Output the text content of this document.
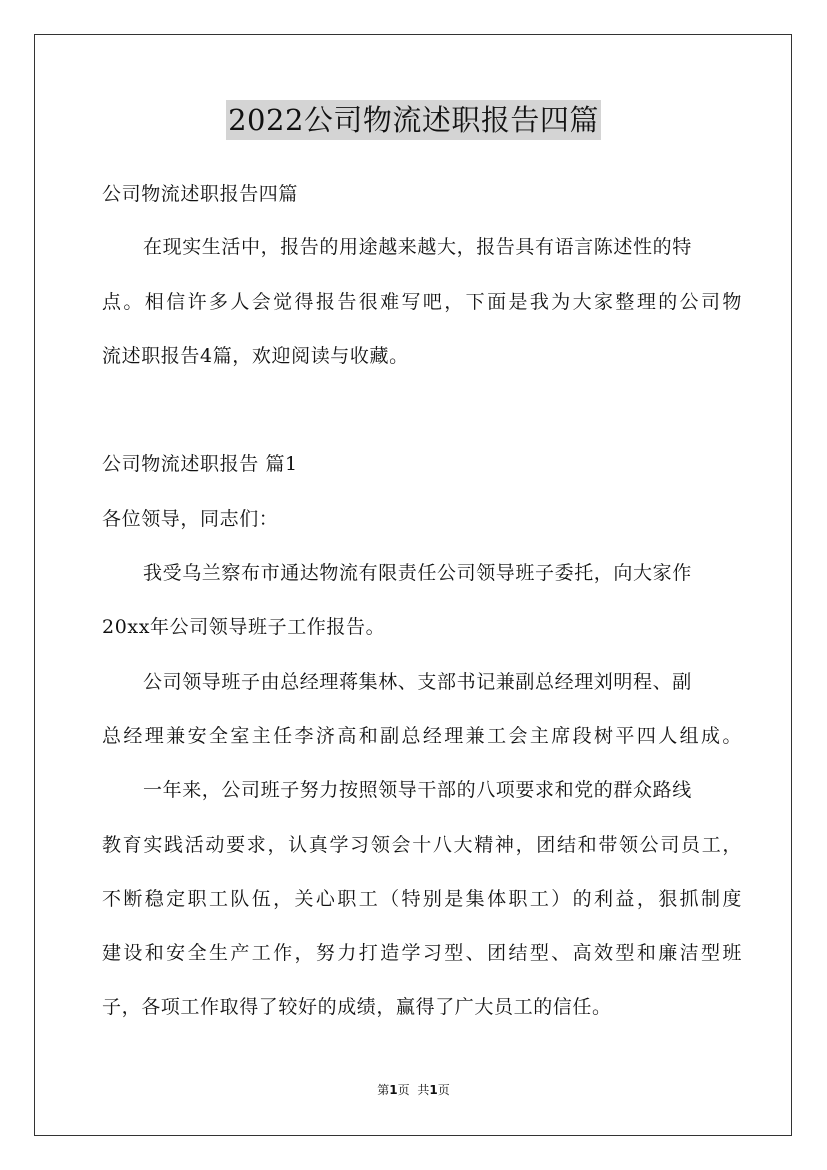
2022公司物流述职报告四篇
公司物流述职报告四篇
在现实生活中，报告的用途越来越大，报告具有语言陈述性的特
点。相信许多人会觉得报告很难写吧，下面是我为大家整理的公司物
流述职报告4篇，欢迎阅读与收藏。
公司物流述职报告 篇1
各位领导，同志们：
我受乌兰察布市通达物流有限责任公司领导班子委托，向大家作
20xx年公司领导班子工作报告。
公司领导班子由总经理蒋集林、支部书记兼副总经理刘明程、副
总经理兼安全室主任李济高和副总经理兼工会主席段树平四人组成。
一年来，公司班子努力按照领导干部的八项要求和党的群众路线
教育实践活动要求，认真学习领会十八大精神，团结和带领公司员工，
不断稳定职工队伍，关心职工（特别是集体职工）的利益，狠抓制度
建设和安全生产工作，努力打造学习型、团结型、高效型和廉洁型班
子，各项工作取得了较好的成绩，赢得了广大员工的信任。
第1页 共1页
